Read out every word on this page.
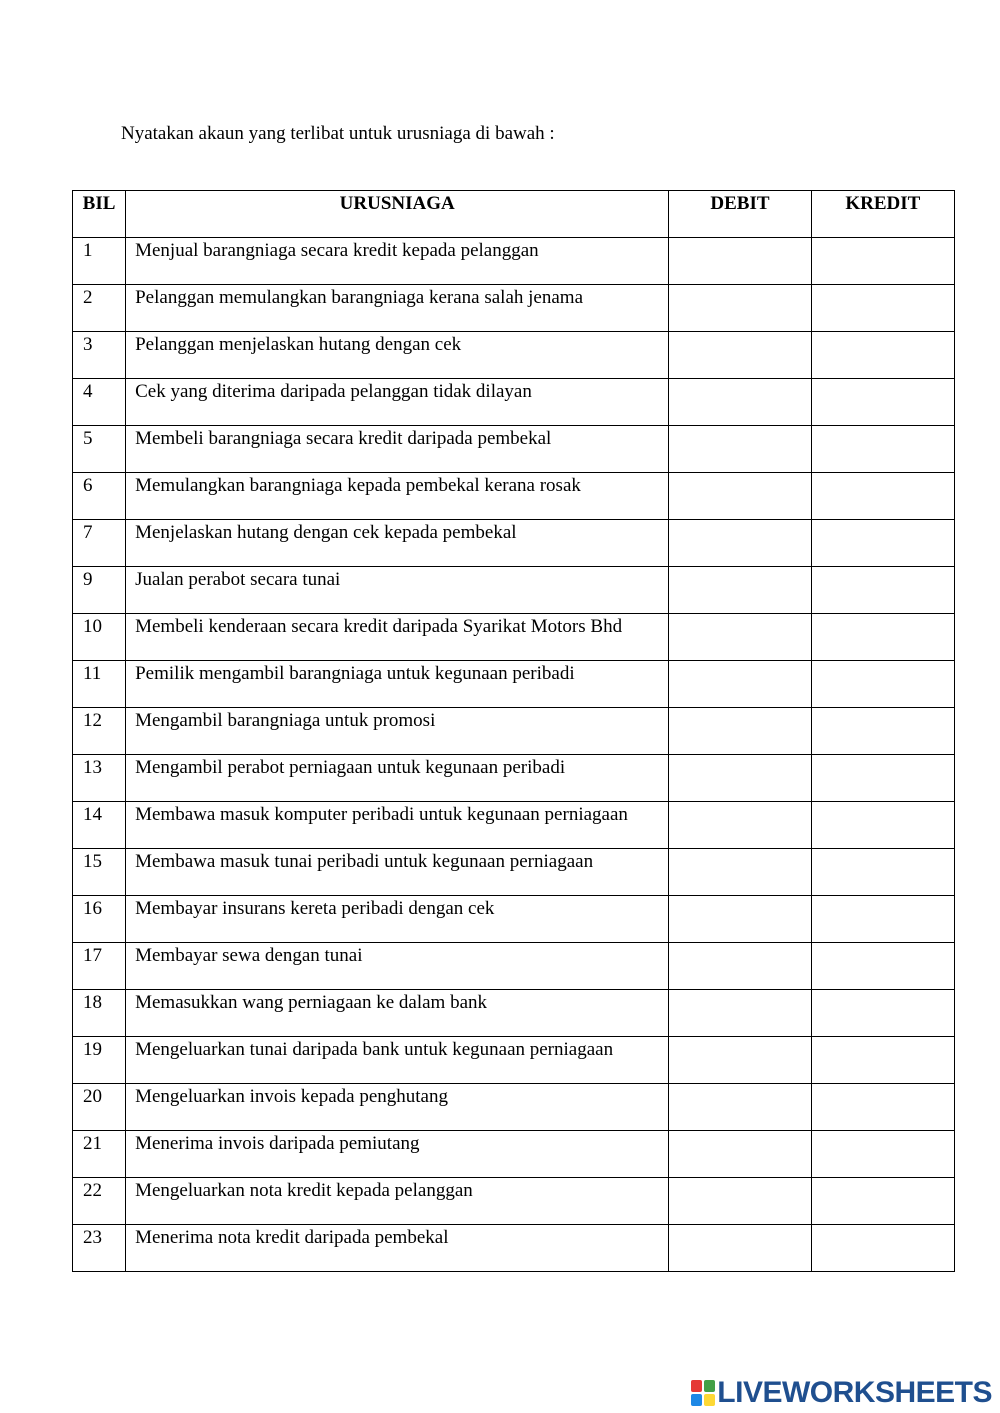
Nyatakan akaun yang terlibat untuk urusniaga di bawah :
BIL	URUSNIAGA	DEBIT	KREDIT

1	Menjual barangniaga secara kredit kepada pelanggan		

2	Pelanggan memulangkan barangniaga kerana salah jenama		

3	Pelanggan menjelaskan hutang dengan cek		

4	Cek yang diterima daripada pelanggan tidak dilayan		

5	Membeli barangniaga secara kredit daripada pembekal		

6	Memulangkan barangniaga kepada pembekal kerana rosak		

7	Menjelaskan hutang dengan cek kepada pembekal		

9	Jualan perabot secara tunai		

10	Membeli kenderaan secara kredit daripada Syarikat Motors Bhd		

11	Pemilik mengambil barangniaga untuk kegunaan peribadi		

12	Mengambil barangniaga untuk promosi		

13	Mengambil perabot perniagaan untuk kegunaan peribadi		

14	Membawa masuk komputer peribadi untuk kegunaan perniagaan		

15	Membawa masuk tunai peribadi untuk kegunaan perniagaan		

16	Membayar insurans kereta peribadi dengan cek		

17	Membayar sewa dengan tunai		

18	Memasukkan wang perniagaan ke dalam bank		

19	Mengeluarkan tunai daripada bank untuk kegunaan perniagaan		

20	Mengeluarkan invois kepada penghutang		

21	Menerima invois daripada pemiutang		

22	Mengeluarkan nota kredit kepada pelanggan		

23	Menerima nota kredit daripada pembekal		

LIVEWORKSHEETS
